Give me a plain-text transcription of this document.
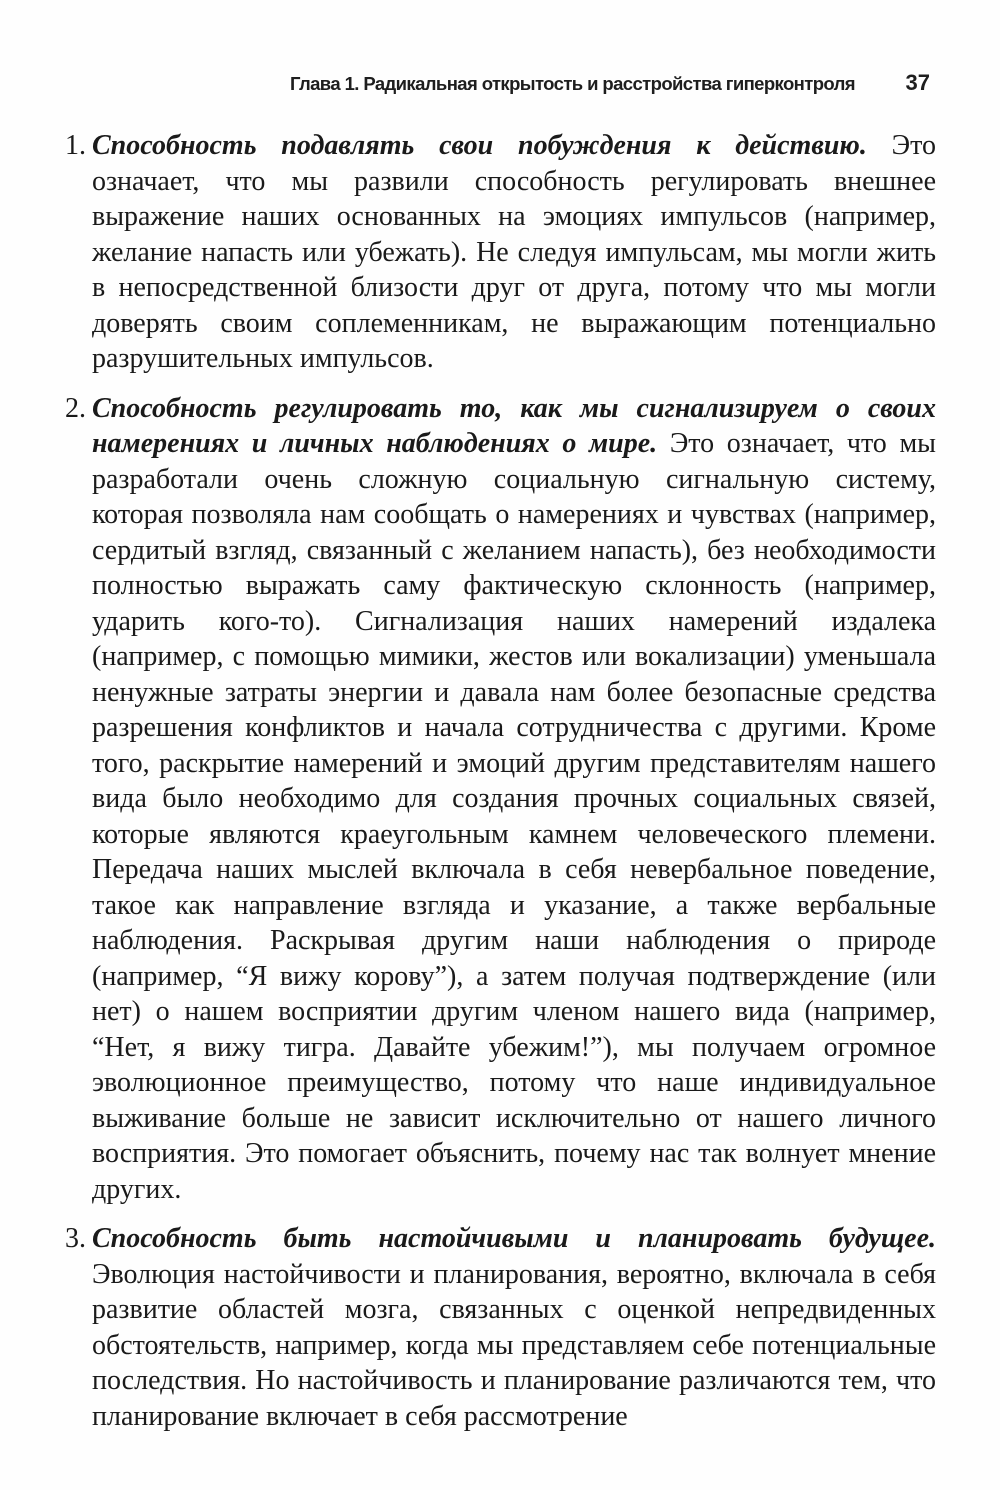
Глава 1. Радикальная открытость и расстройства гиперконтроля 37
1. Способность подавлять свои побуждения к действию. Это означает, что мы развили способность регулировать внешнее выражение наших основанных на эмоциях импульсов (например, желание напасть или убежать). Не следуя импульсам, мы могли жить в непосредственной близости друг от друга, потому что мы могли доверять своим соплеменникам, не выражающим потенциально разрушительных импульсов.
2. Способность регулировать то, как мы сигнализируем о своих намерениях и личных наблюдениях о мире. Это означает, что мы разработали очень сложную социальную сигнальную систему, которая позволяла нам сообщать о намерениях и чувствах (например, сердитый взгляд, связанный с желанием напасть), без необходимости полностью выражать саму фактическую склонность (например, ударить кого-то). Сигнализация наших намерений издалека (например, с помощью мимики, жестов или вокализации) уменьшала ненужные затраты энергии и давала нам более безопасные средства разрешения конфликтов и начала сотрудничества с другими. Кроме того, раскрытие намерений и эмоций другим представителям нашего вида было необходимо для создания прочных социальных связей, которые являются краеугольным камнем человеческого племени. Передача наших мыслей включала в себя невербальное поведение, такое как направление взгляда и указание, а также вербальные наблюдения. Раскрывая другим наши наблюдения о природе (например, “Я вижу корову”), а затем получая подтверждение (или нет) о нашем восприятии другим членом нашего вида (например, “Нет, я вижу тигра. Давайте убежим!”), мы получаем огромное эволюционное преимущество, потому что наше индивидуальное выживание больше не зависит исключительно от нашего личного восприятия. Это помогает объяснить, почему нас так волнует мнение других.
3. Способность быть настойчивыми и планировать будущее. Эволюция настойчивости и планирования, вероятно, включала в себя развитие областей мозга, связанных с оценкой непредвиденных обстоятельств, например, когда мы представляем себе потенциальные последствия. Но настойчивость и планирование различаются тем, что планирование включает в себя рассмотрение
